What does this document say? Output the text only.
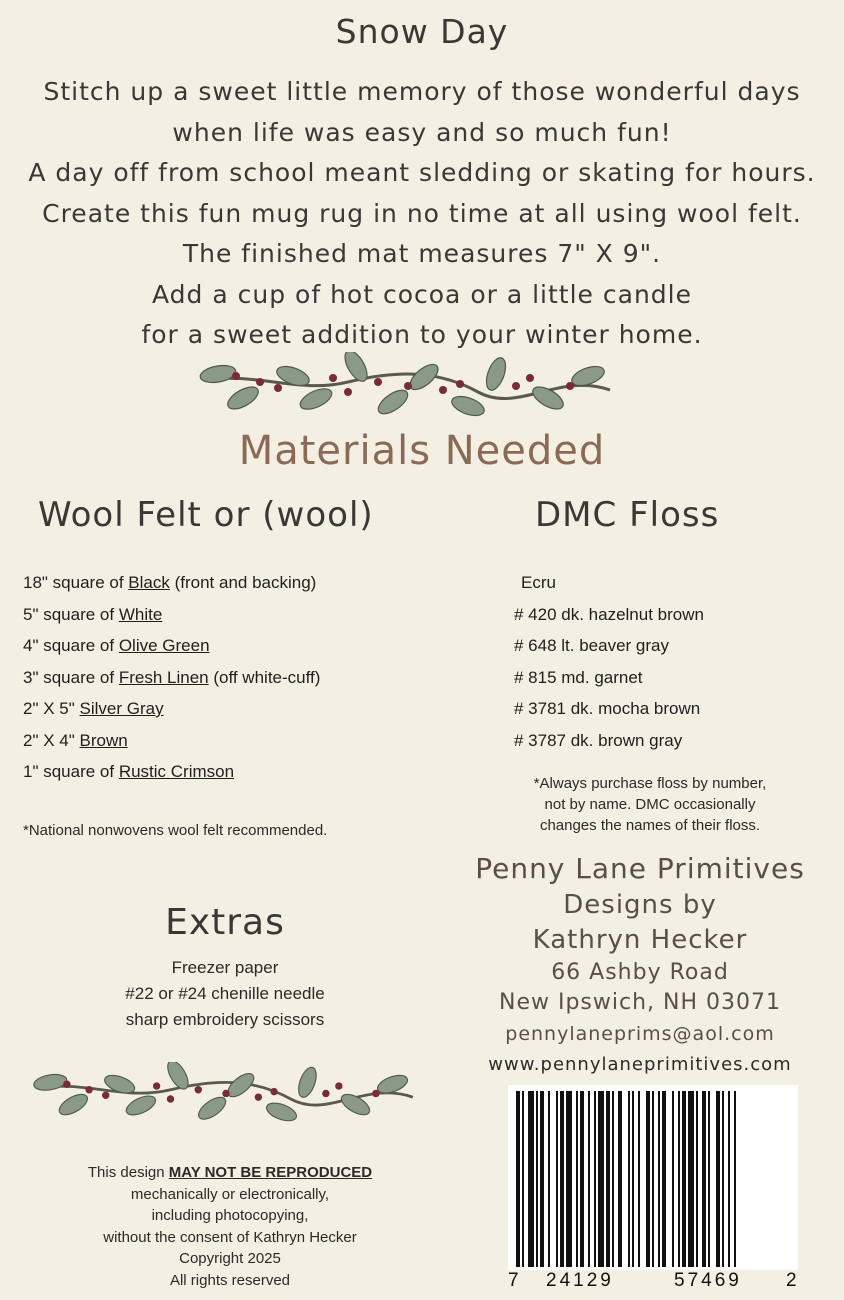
Snow Day
Stitch up a sweet little memory of those wonderful days
when life was easy and so much fun!
A day off from school meant sledding or skating for hours.
Create this fun mug rug in no time at all using wool felt.
The finished mat measures 7" X 9".
Add a cup of hot cocoa or a little candle
for a sweet addition to your winter home.
Materials Needed
Wool Felt or (wool)	DMC Floss
18" square of Black (front and backing)
5" square of White
4" square of Olive Green
3" square of Fresh Linen (off white-cuff)
2" X 5" Silver Gray
2" X 4" Brown
1" square of Rustic Crimson
*National nonwovens wool felt recommended.
Ecru
# 420 dk. hazelnut brown
# 648 lt. beaver gray
# 815 md. garnet
# 3781 dk. mocha brown
# 3787 dk. brown gray
*Always purchase floss by number,
not by name. DMC occasionally
changes the names of their floss.
Extras
Freezer paper
#22 or #24 chenille needle
sharp embroidery scissors
Penny Lane Primitives
Designs by
Kathryn Hecker
66 Ashby Road
New Ipswich, NH 03071
pennylaneprims@aol.com
www.pennylaneprimitives.com
This design MAY NOT BE REPRODUCED
mechanically or electronically,
including photocopying,
without the consent of Kathryn Hecker
Copyright 2025
All rights reserved	7 24129	57469 2
